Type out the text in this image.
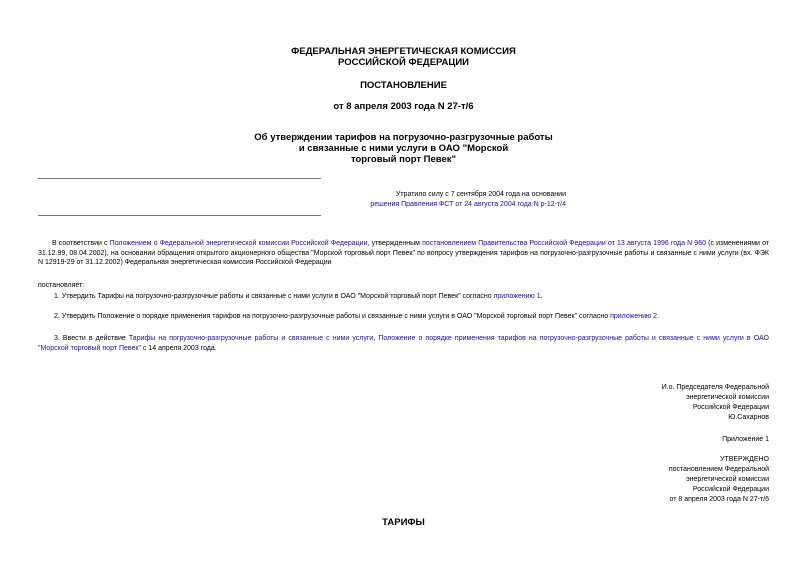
ФЕДЕРАЛЬНАЯ ЭНЕРГЕТИЧЕСКАЯ КОМИССИЯ
РОССИЙСКОЙ ФЕДЕРАЦИИ
ПОСТАНОВЛЕНИЕ
от 8 апреля 2003 года N 27-т/6
Об утверждении тарифов на погрузочно-разгрузочные работы
и связанные с ними услуги в ОАО "Морской
торговый порт Певек"
Утратило силу с 7 сентября 2004 года на основании
решения Правления ФСТ от 24 августа 2004 года N р-12-т/4
В соответствии с Положением о Федеральной энергетической комиссии Российской Федерации, утвержденным постановлением Правительства Российской Федерации от 13 августа 1996 года N 960 (с изменениями от 31.12.99, 08.04.2002), на основании обращения открытого акционерного общества "Морской торговый порт Певек" по вопросу утверждения тарифов на погрузочно-разгрузочные работы и связанные с ними услуги (вх. ФЭК N 12919-29 от 31.12.2002) Федеральная энергетическая комиссия Российской Федерации
постановляет:
1. Утвердить Тарифы на погрузочно-разгрузочные работы и связанные с ними услуги в ОАО "Морской торговый порт Певек" согласно приложению 1.
2. Утвердить Положение о порядке применения тарифов на погрузочно-разгрузочные работы и связанные с ними услуги в ОАО "Морской торговый порт Певек" согласно приложению 2.
3. Ввести в действие Тарифы на погрузочно-разгрузочные работы и связанные с ними услуги, Положение о порядке применения тарифов на погрузочно-разгрузочные работы и связанные с ними услуги в ОАО "Морской торговый порт Певек" с 14 апреля 2003 года.
И.о. Председателя Федеральной
энергетической комиссии
Российской Федерации
Ю.Сахарнов
Приложение 1
УТВЕРЖДЕНО
постановлением Федеральной
энергетической комиссии
Российской Федерации
от 8 апреля 2003 года N 27-т/6
ТАРИФЫ
